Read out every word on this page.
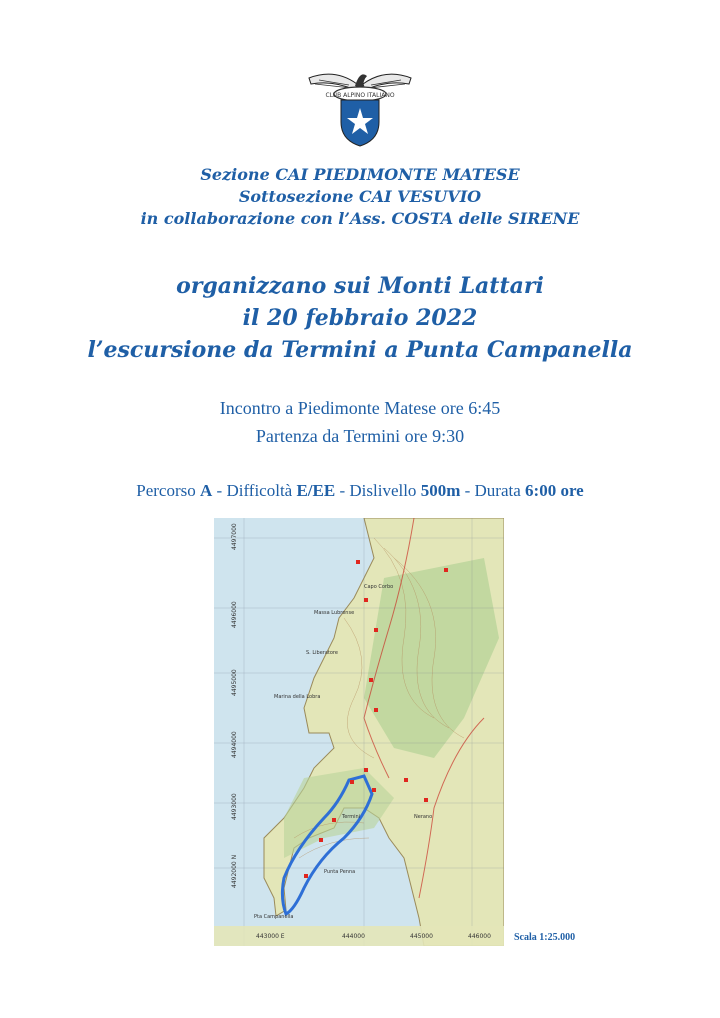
CLUB ALPINO ITALIANO
Sezione CAI PIEDIMONTE MATESE
Sottosezione CAI VESUVIO
in collaborazione con l’Ass. COSTA delle SIRENE
organizzano sui Monti Lattari
il 20 febbraio 2022
l’escursione da Termini a Punta Campanella
Incontro a Piedimonte Matese ore 6:45
Partenza da Termini ore 9:30
Percorso A - Difficoltà E/EE - Dislivello 500m - Durata 6:00 ore
Massa Lubrense
Capo Corbo
S. Liberatore
Marina della Lobra
Termini	Nerano
Punta Penna
Pta Campanella
4497000
4496000
4495000
4494000
4493000
4492000 N
443000 E	444000	445000	446000 Scala 1:25.000
